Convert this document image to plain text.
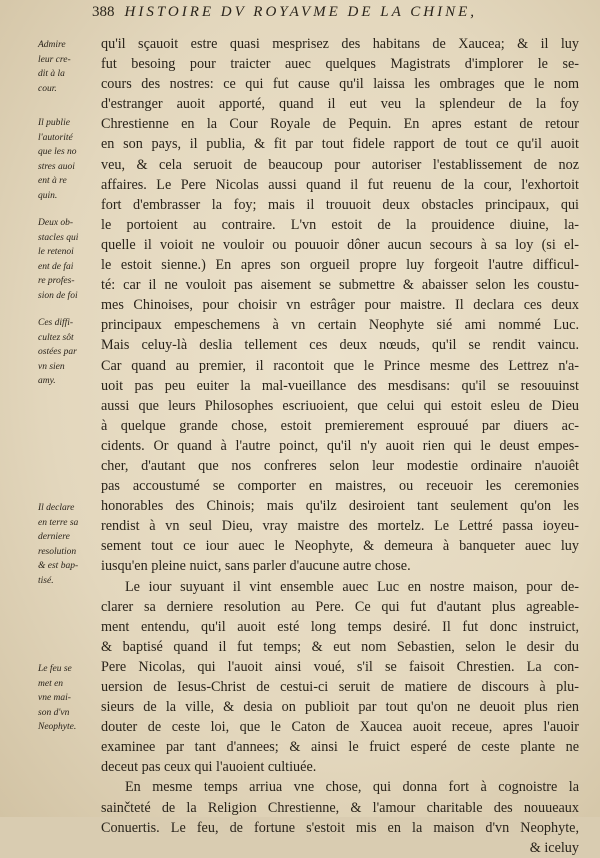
388 HISTOIRE DV ROYAVME DE LA CHINE,
Admire
leur cre-
dit à la
cour.
Il publie
l'autorité
que les no
stres auoi
ent à re
quin.
Deux ob-
stacles qui
le retenoi
ent de fai
re profes-
sion de foi
Ces diffi-
cultez sôt
ostées par
vn sien
amy.
Il declare
en terre sa
derniere
resolution
& est bap-
tisé.
Le feu se
met en
vne mai-
son d'vn
Neophyte.
qu'il sçauoit estre quasi mesprisez des habitans de Xaucea; & il luy
fut besoing pour traicter auec quelques Magistrats d'implorer le se-
cours des nostres: ce qui fut cause qu'il laissa les ombrages que le nom
d'estranger auoit apporté, quand il eut veu la splendeur de la foy
Chrestienne en la Cour Royale de Pequin. En apres estant de retour
en son pays, il publia, & fit par tout fidele rapport de tout ce qu'il auoit
veu, & cela seruoit de beaucoup pour autoriser l'establissement de noz
affaires. Le Pere Nicolas aussi quand il fut reuenu de la cour, l'exhortoit
fort d'embrasser la foy; mais il trouuoit deux obstacles principaux, qui
le portoient au contraire. L'vn estoit de la prouidence diuine, la-
quelle il voioit ne vouloir ou pouuoir dôner aucun secours à sa loy (si el-
le estoit sienne.) En apres son orgueil propre luy forgeoit l'autre difficul-
té: car il ne vouloit pas aisement se submettre & abaisser selon les coustu-
mes Chinoises, pour choisir vn estrâger pour maistre. Il declara ces deux
principaux empeschemens à vn certain Neophyte sié ami nommé Luc.
Mais celuy-là deslia tellement ces deux nœuds, qu'il se rendit vaincu.
Car quand au premier, il racontoit que le Prince mesme des Lettrez n'a-
uoit pas peu euiter la mal-vueillance des mesdisans: qu'il se resouuinst
aussi que leurs Philosophes escriuoient, que celui qui estoit esleu de Dieu
à quelque grande chose, estoit premierement esprouué par diuers ac-
cidents. Or quand à l'autre poinct, qu'il n'y auoit rien qui le deust empes-
cher, d'autant que nos confreres selon leur modestie ordinaire n'auoiêt
pas accoustumé se comporter en maistres, ou receuoir les ceremonies
honorables des Chinois; mais qu'ilz desiroient tant seulement qu'on les
rendist à vn seul Dieu, vray maistre des mortelz. Le Lettré passa ioyeu-
sement tout ce iour auec le Neophyte, & demeura à banqueter auec luy
iusqu'en pleine nuict, sans parler d'aucune autre chose.
Le iour suyuant il vint ensemble auec Luc en nostre maison, pour de-
clarer sa derniere resolution au Pere. Ce qui fut d'autant plus agreable-
ment entendu, qu'il auoit esté long temps desiré. Il fut donc instruict,
& baptisé quand il fut temps; & eut nom Sebastien, selon le desir du
Pere Nicolas, qui l'auoit ainsi voué, s'il se faisoit Chrestien. La con-
uersion de Iesus-Christ de cestui-ci seruit de matiere de discours à plu-
sieurs de la ville, & desia on publioit par tout qu'on ne deuoit plus rien
douter de ceste loi, que le Caton de Xaucea auoit receue, apres l'auoir
examinee par tant d'annees; & ainsi le fruict esperé de ceste plante ne
deceut pas ceux qui l'auoient cultiuée.
En mesme temps arriua vne chose, qui donna fort à cognoistre la
sainčteté de la Religion Chrestienne, & l'amour charitable des nouueaux
Conuertis. Le feu, de fortune s'estoit mis en la maison d'vn Neophyte,
& iceluy
